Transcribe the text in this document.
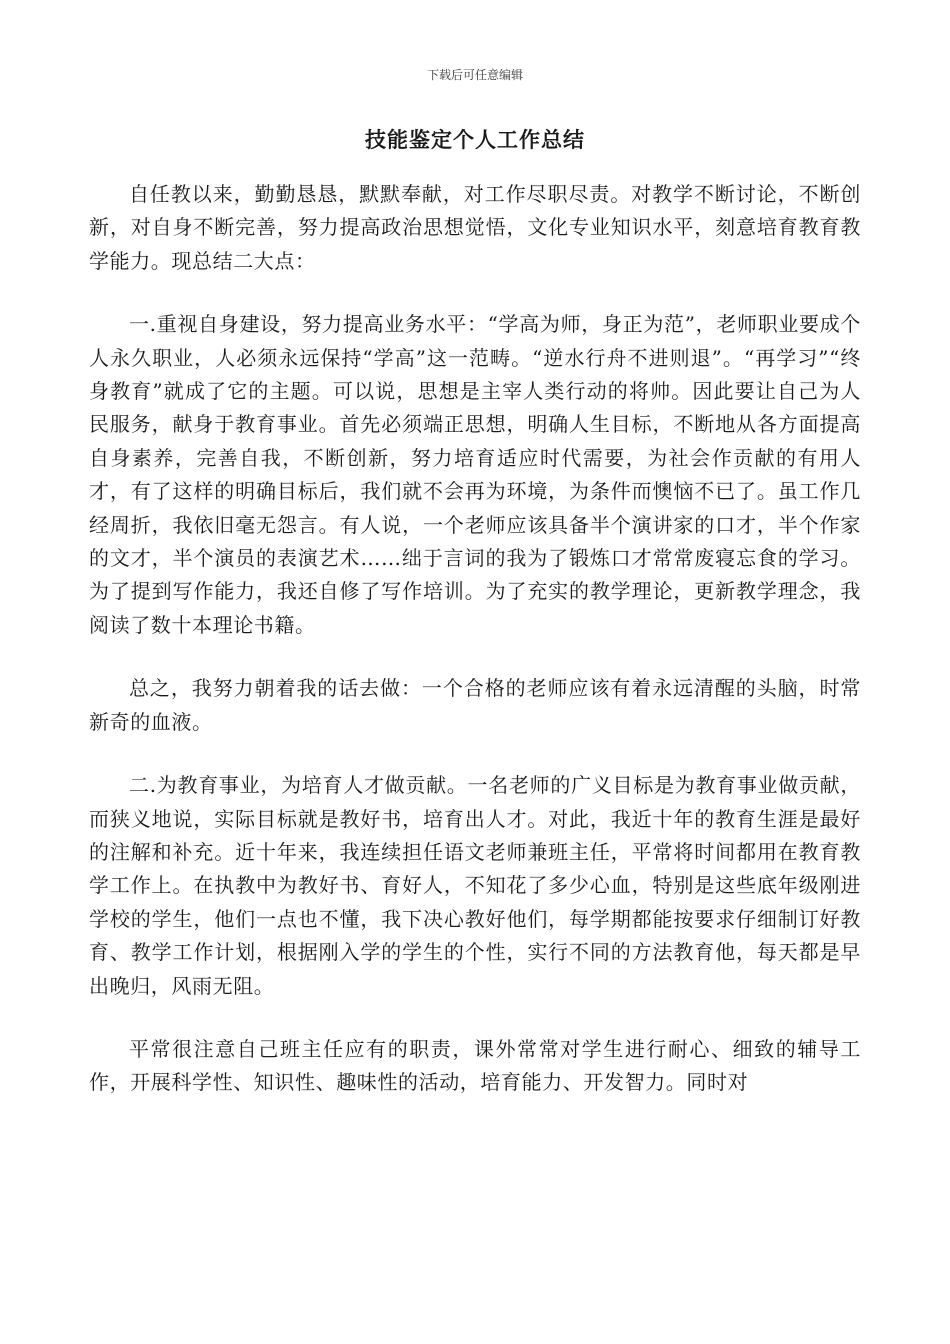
下载后可任意编辑
技能鉴定个人工作总结

自任教以来，勤勤恳恳，默默奉献，对工作尽职尽责。对教学不断讨论，不断创新，对自身不断完善，努力提高政治思想觉悟，文化专业知识水平，刻意培育教育教学能力。现总结二大点：

一.重视自身建设，努力提高业务水平：“学高为师，身正为范”，老师职业要成个人永久职业，人必须永远保持“学高”这一范畴。“逆水行舟不进则退”。“再学习”“终身教育”就成了它的主题。可以说，思想是主宰人类行动的将帅。因此要让自己为人民服务，献身于教育事业。首先必须端正思想，明确人生目标，不断地从各方面提高自身素养，完善自我，不断创新，努力培育适应时代需要，为社会作贡献的有用人才，有了这样的明确目标后，我们就不会再为环境，为条件而懊恼不已了。虽工作几经周折，我依旧毫无怨言。有人说，一个老师应该具备半个演讲家的口才，半个作家的文才，半个演员的表演艺术……绌于言词的我为了锻炼口才常常废寝忘食的学习。为了提到写作能力，我还自修了写作培训。为了充实的教学理论，更新教学理念，我阅读了数十本理论书籍。

总之，我努力朝着我的话去做：一个合格的老师应该有着永远清醒的头脑，时常新奇的血液。

二.为教育事业，为培育人才做贡献。一名老师的广义目标是为教育事业做贡献，而狭义地说，实际目标就是教好书，培育出人才。对此，我近十年的教育生涯是最好的注解和补充。近十年来，我连续担任语文老师兼班主任，平常将时间都用在教育教学工作上。在执教中为教好书、育好人，不知花了多少心血，特别是这些底年级刚进学校的学生，他们一点也不懂，我下决心教好他们，每学期都能按要求仔细制订好教育、教学工作计划，根据刚入学的学生的个性，实行不同的方法教育他，每天都是早出晚归，风雨无阻。

平常很注意自己班主任应有的职责，课外常常对学生进行耐心、细致的辅导工作，开展科学性、知识性、趣味性的活动，培育能力、开发智力。同时对
